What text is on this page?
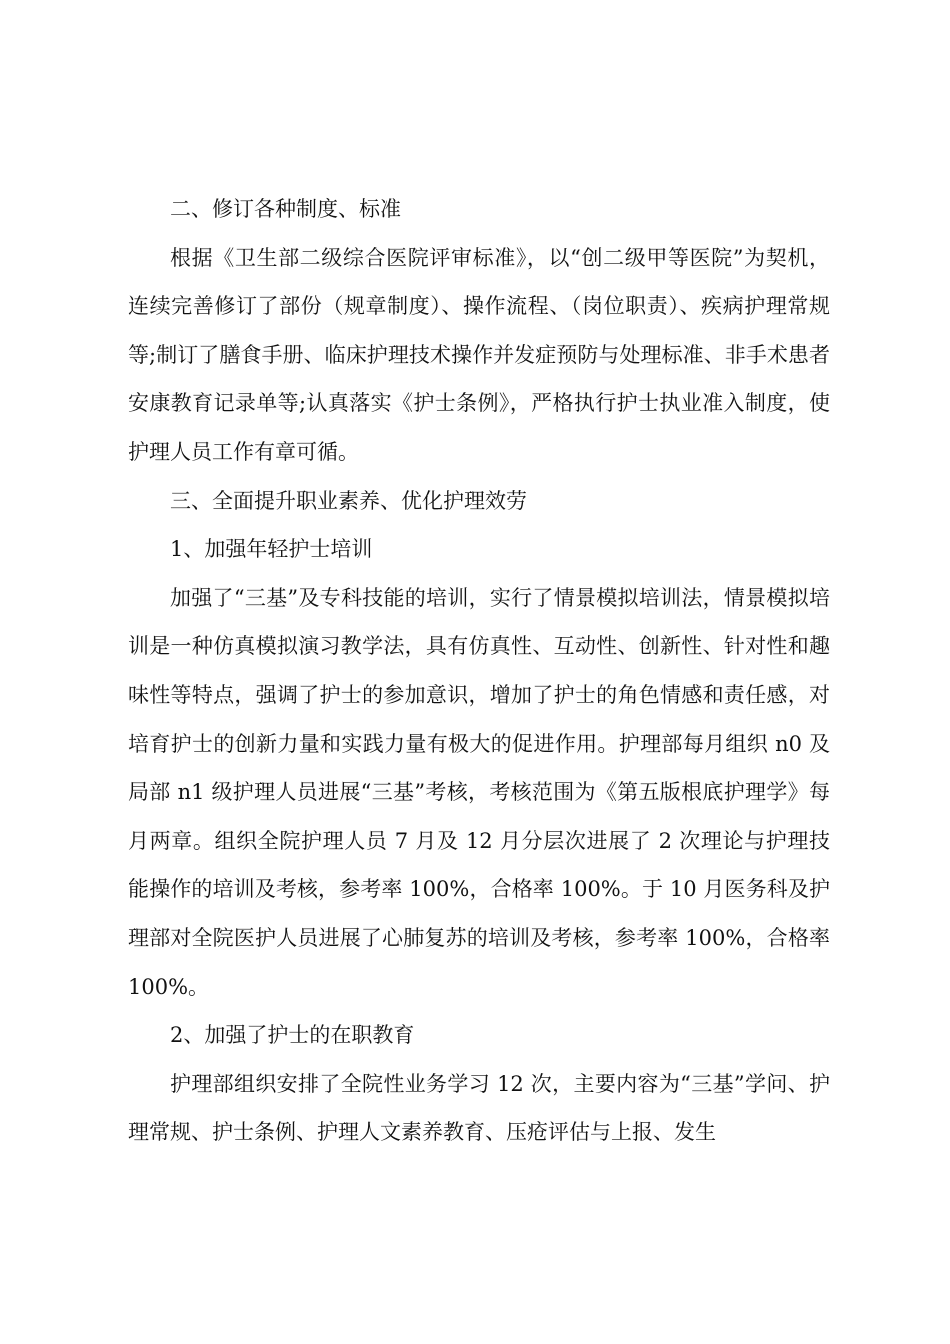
二、修订各种制度、标准

根据《卫生部二级综合医院评审标准》，以“创二级甲等医院”为契机，连续完善修订了部份（规章制度）、操作流程、（岗位职责）、疾病护理常规等;制订了膳食手册、临床护理技术操作并发症预防与处理标准、非手术患者安康教育记录单等;认真落实《护士条例》，严格执行护士执业准入制度，使护理人员工作有章可循。

三、全面提升职业素养、优化护理效劳

1、加强年轻护士培训

加强了“三基”及专科技能的培训，实行了情景模拟培训法，情景模拟培训是一种仿真模拟演习教学法，具有仿真性、互动性、创新性、针对性和趣味性等特点，强调了护士的参加意识，增加了护士的角色情感和责任感，对培育护士的创新力量和实践力量有极大的促进作用。护理部每月组织 n0 及局部 n1 级护理人员进展“三基”考核，考核范围为《第五版根底护理学》每月两章。组织全院护理人员 7 月及 12 月分层次进展了 2 次理论与护理技能操作的培训及考核，参考率 100%，合格率 100%。于 10 月医务科及护理部对全院医护人员进展了心肺复苏的培训及考核，参考率 100%，合格率 100%。

2、加强了护士的在职教育

护理部组织安排了全院性业务学习 12 次，主要内容为“三基”学问、护理常规、护士条例、护理人文素养教育、压疮评估与上报、发生
